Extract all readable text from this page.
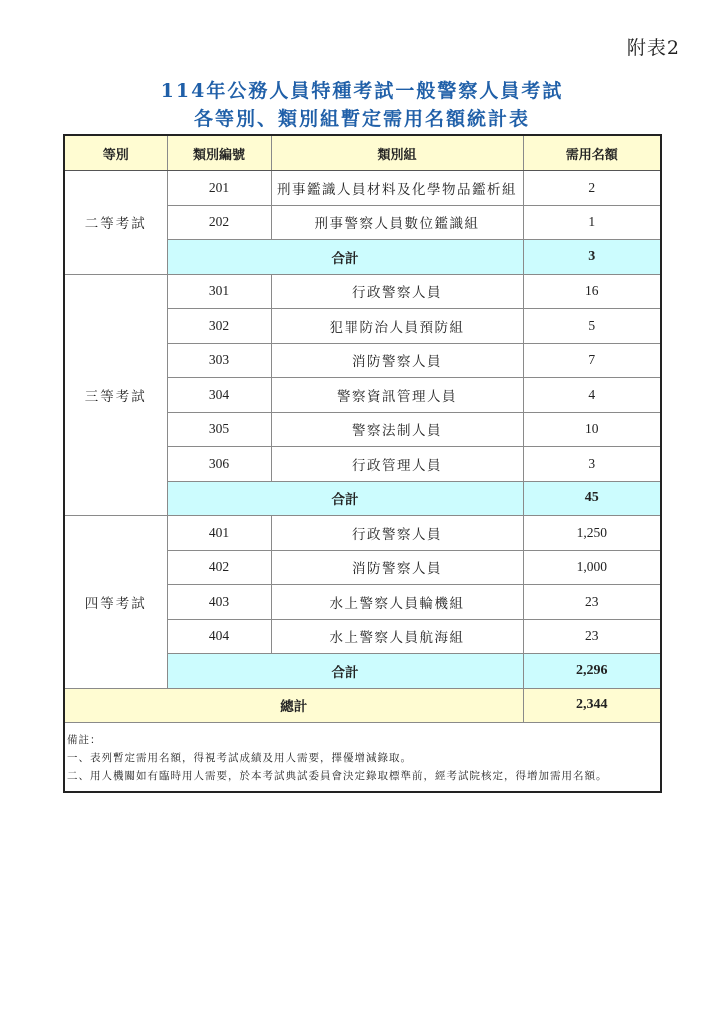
附表2
114年公務人員特種考試一般警察人員考試
各等別、類別組暫定需用名額統計表
等別	類別編號	類別組	需用名額
二等考試	201	刑事鑑識人員材料及化學物品鑑析組	2
	202	刑事警察人員數位鑑識組	1
	合計		3
三等考試	301	行政警察人員	16
	302	犯罪防治人員預防組	5
	303	消防警察人員	7
	304	警察資訊管理人員	4
	305	警察法制人員	10
	306	行政管理人員	3
	合計		45
四等考試	401	行政警察人員	1,250
	402	消防警察人員	1,000
	403	水上警察人員輪機組	23
	404	水上警察人員航海組	23
	合計		2,296
總計			2,344

備註：
一、表列暫定需用名額，得視考試成績及用人需要，擇優增減錄取。
二、用人機關如有臨時用人需要，於本考試典試委員會決定錄取標準前，經考試院核定，得增加需用名額。			
